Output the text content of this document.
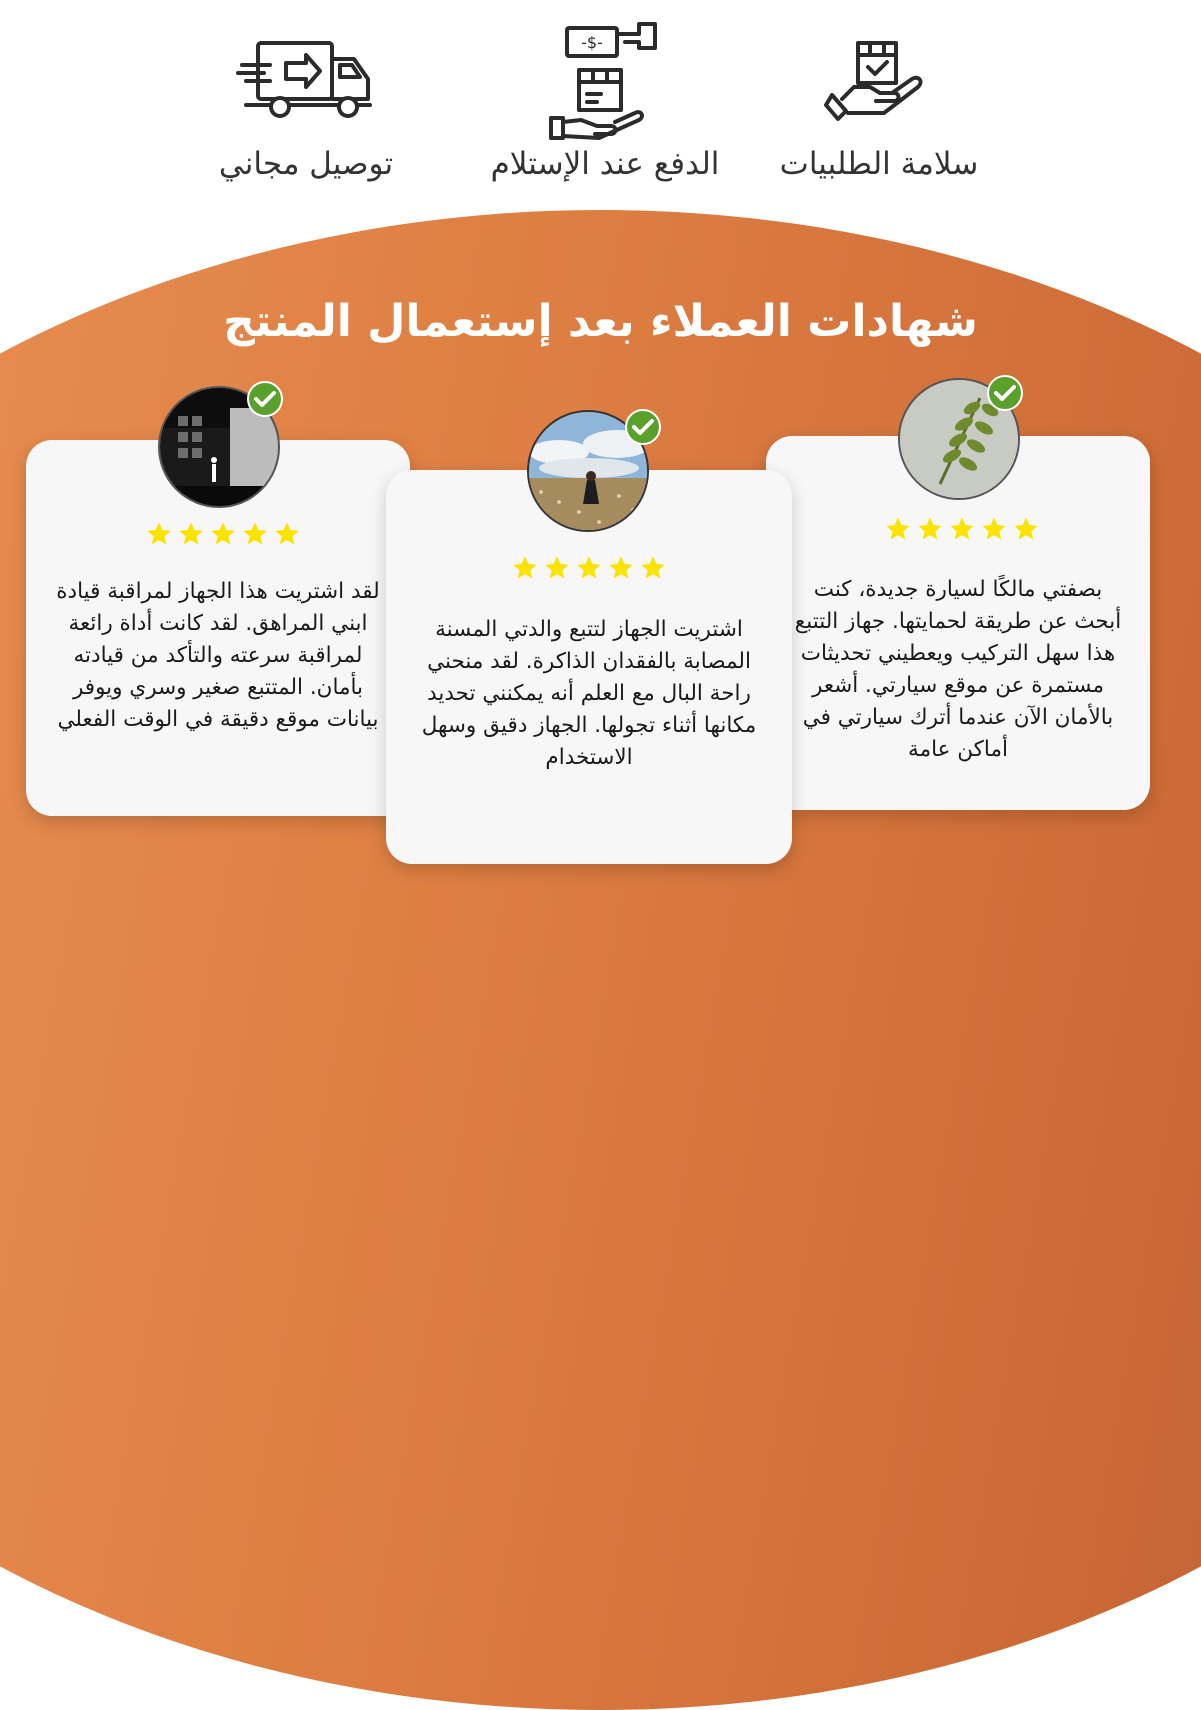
توصيل مجاني
-$-
الدفع عند الإستلام	سلامة الطلبيات
شهادات العملاء بعد إستعمال المنتج
لقد اشتريت هذا الجهاز لمراقبة قيادة ابني المراهق. لقد كانت أداة رائعة لمراقبة سرعته والتأكد من قيادته بأمان. المتتبع صغير وسري ويوفر بيانات موقع دقيقة في الوقت الفعلي
بصفتي مالكًا لسيارة جديدة، كنت أبحث عن طريقة لحمايتها. جهاز التتبع هذا سهل التركيب ويعطيني تحديثات مستمرة عن موقع سيارتي. أشعر بالأمان الآن عندما أترك سيارتي في أماكن عامة
اشتريت الجهاز لتتبع والدتي المسنة المصابة بالفقدان الذاكرة. لقد منحني راحة البال مع العلم أنه يمكنني تحديد مكانها أثناء تجولها. الجهاز دقيق وسهل الاستخدام
